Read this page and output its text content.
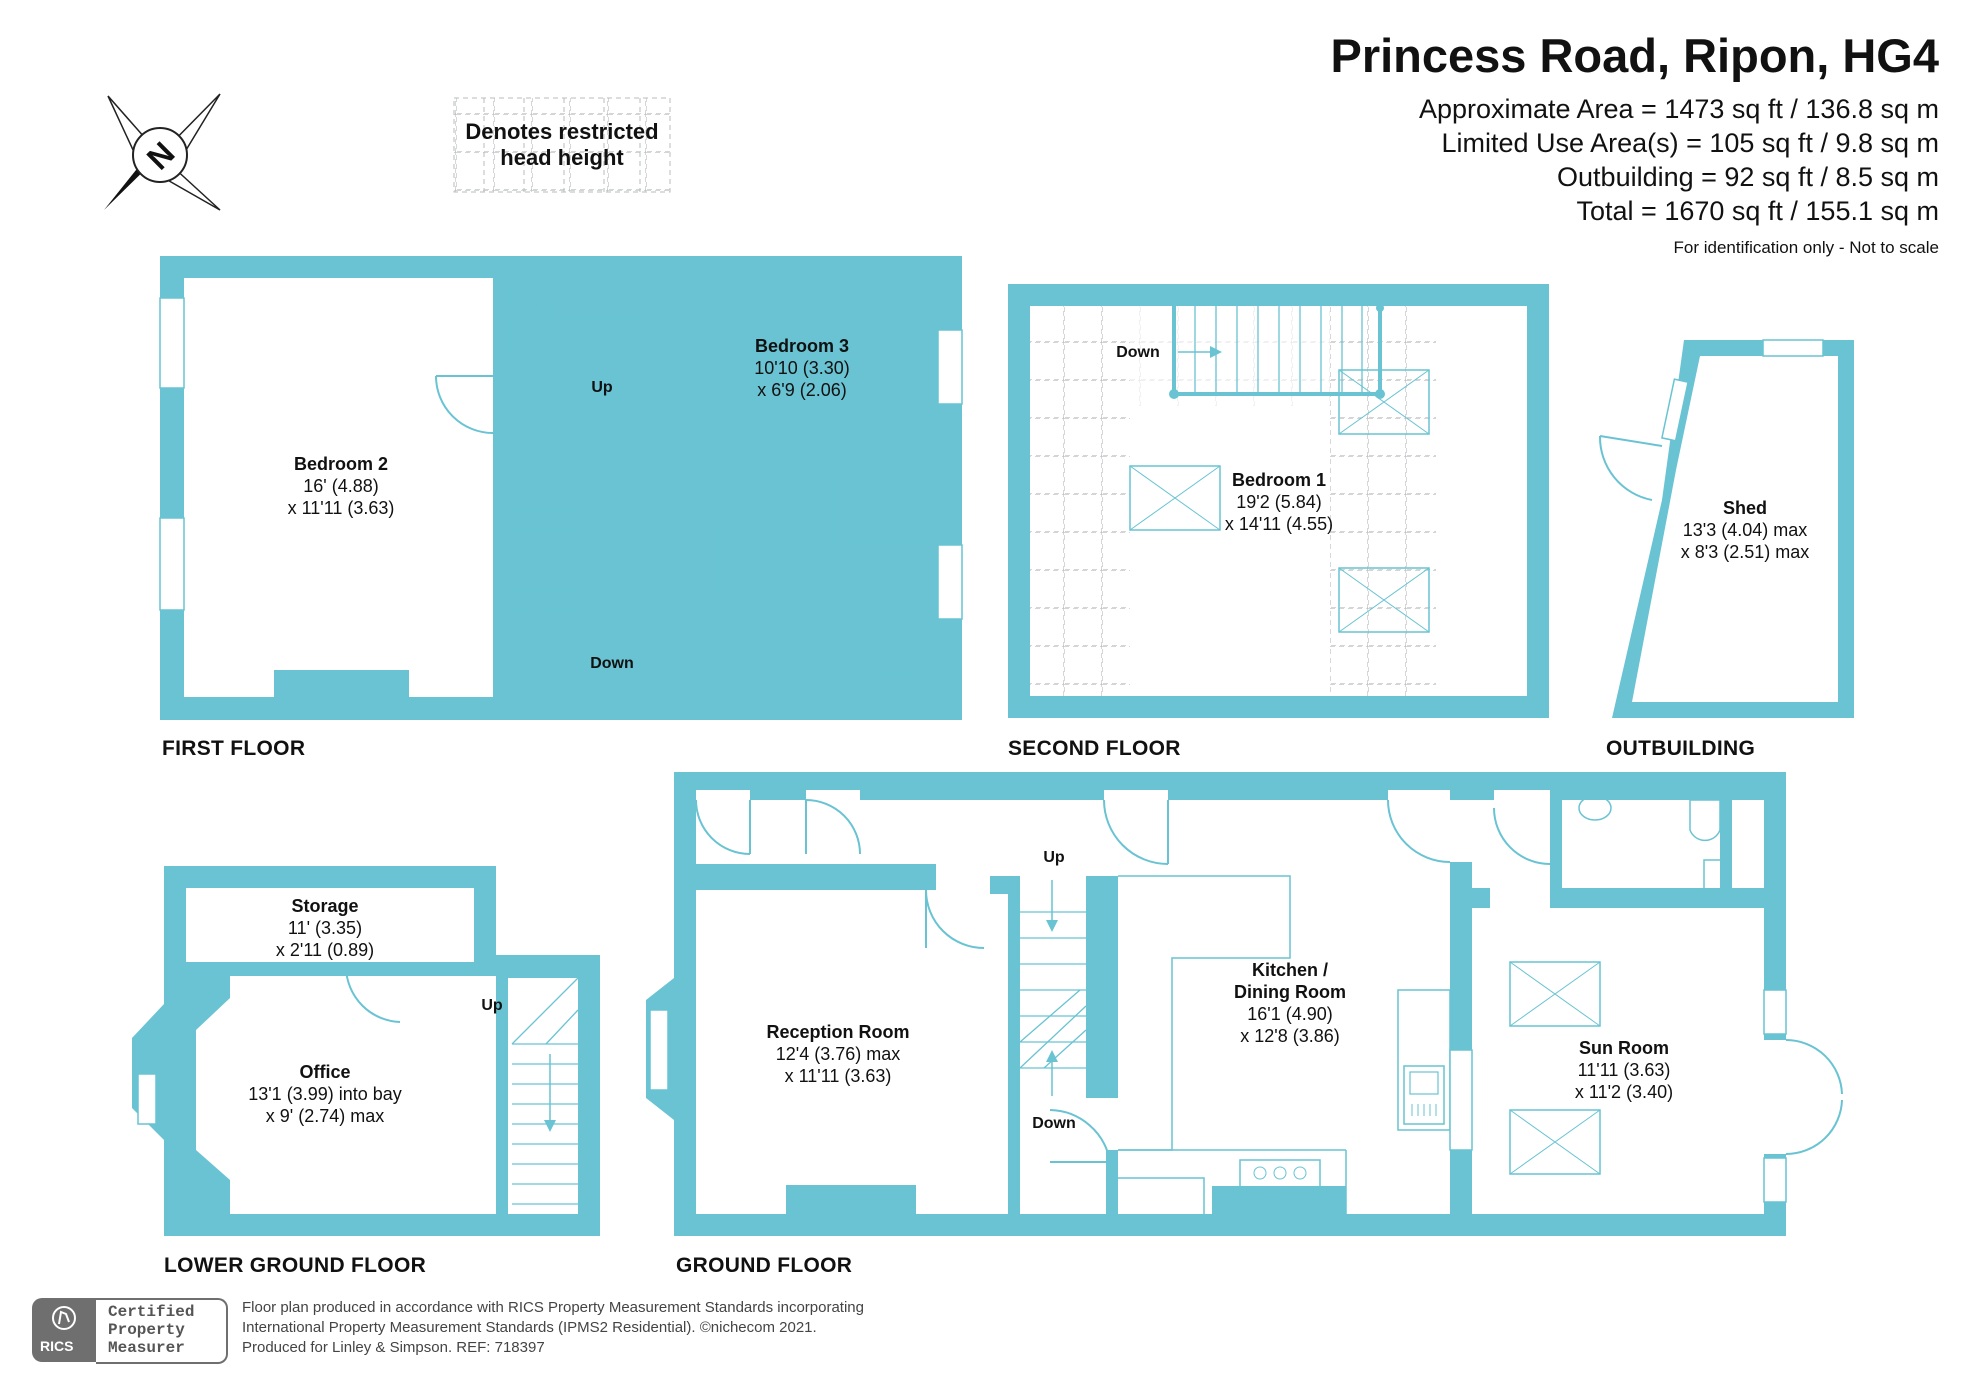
Princess Road, Ripon, HG4
Approximate Area = 1473 sq ft / 136.8 sq m
Limited Use Area(s) = 105 sq ft / 9.8 sq m
Outbuilding = 92 sq ft / 8.5 sq m
Total = 1670 sq ft / 155.1 sq m
For identification only - Not to scale
N
Denotes restricted
head height
Up
Down
Bedroom 2
16' (4.88)
x 11'11 (3.63)
Bedroom 3
10'10 (3.30)
x 6'9 (2.06)
FIRST FLOOR
Down
Bedroom 1
19'2 (5.84)
x 14'11 (4.55)
SECOND FLOOR
Shed
13'3 (4.04) max
x 8'3 (2.51) max
OUTBUILDING
Up
Storage
11' (3.35)
x 2'11 (0.89)
Office
13'1 (3.99) into bay
x 9' (2.74) max
LOWER GROUND FLOOR
Up
Down
Reception Room
12'4 (3.76) max
x 11'11 (3.63)
Kitchen /
Dining Room
16'1 (4.90)
x 12'8 (3.86)
Sun Room
11'11 (3.63)
x 11'2 (3.40)
GROUND FLOOR
RICS
Certified
Property
Measurer
Floor plan produced in accordance with RICS Property Measurement Standards incorporating
International Property Measurement Standards (IPMS2 Residential). ©nichecom 2021.
Produced for Linley & Simpson. REF: 718397
